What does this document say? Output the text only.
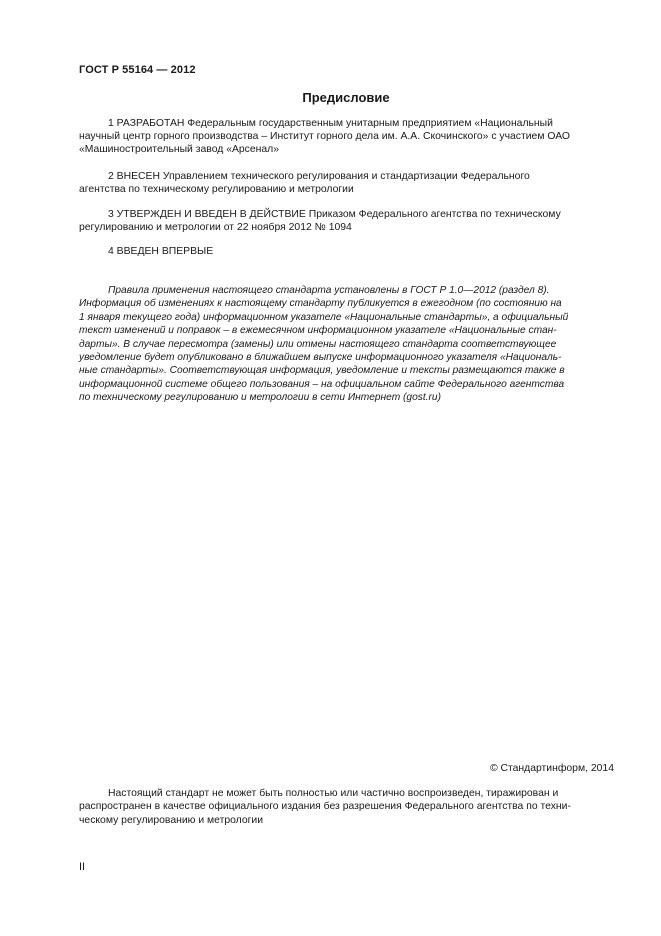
ГОСТ Р 55164 — 2012
Предисловие
1 РАЗРАБОТАН Федеральным государственным унитарным предприятием «Национальный
научный центр горного производства – Институт горного дела им. А.А. Скочинского» с участием ОАО
«Машиностроительный завод «Арсенал»
2 ВНЕСЕН Управлением технического регулирования и стандартизации Федерального
агентства по техническому регулированию и метрологии
3 УТВЕРЖДЕН И ВВЕДЕН В ДЕЙСТВИЕ Приказом Федерального агентства по техническому
регулированию и метрологии от 22 ноября 2012 № 1094
4 ВВЕДЕН ВПЕРВЫЕ
Правила применения настоящего стандарта установлены в ГОСТ Р 1.0—2012 (раздел 8).
Информация об изменениях к настоящему стандарту публикуется в ежегодном (по состоянию на
1 января текущего года) информационном указателе «Национальные стандарты», а официальный
текст изменений и поправок – в ежемесячном информационном указателе «Национальные стан-
дарты». В случае пересмотра (замены) или отмены настоящего стандарта соответствующее
уведомление будет опубликовано в ближайшем выпуске информационного указателя «Националь-
ные стандарты». Соответствующая информация, уведомление и тексты размещаются также в
информационной системе общего пользования – на официальном сайте Федерального агентства
по техническому регулированию и метрологии в сети Интернет (gost.ru)
© Стандартинформ, 2014
Настоящий стандарт не может быть полностью или частично воспроизведен, тиражирован и
распространен в качестве официального издания без разрешения Федерального агентства по техни-
ческому регулированию и метрологии
II
